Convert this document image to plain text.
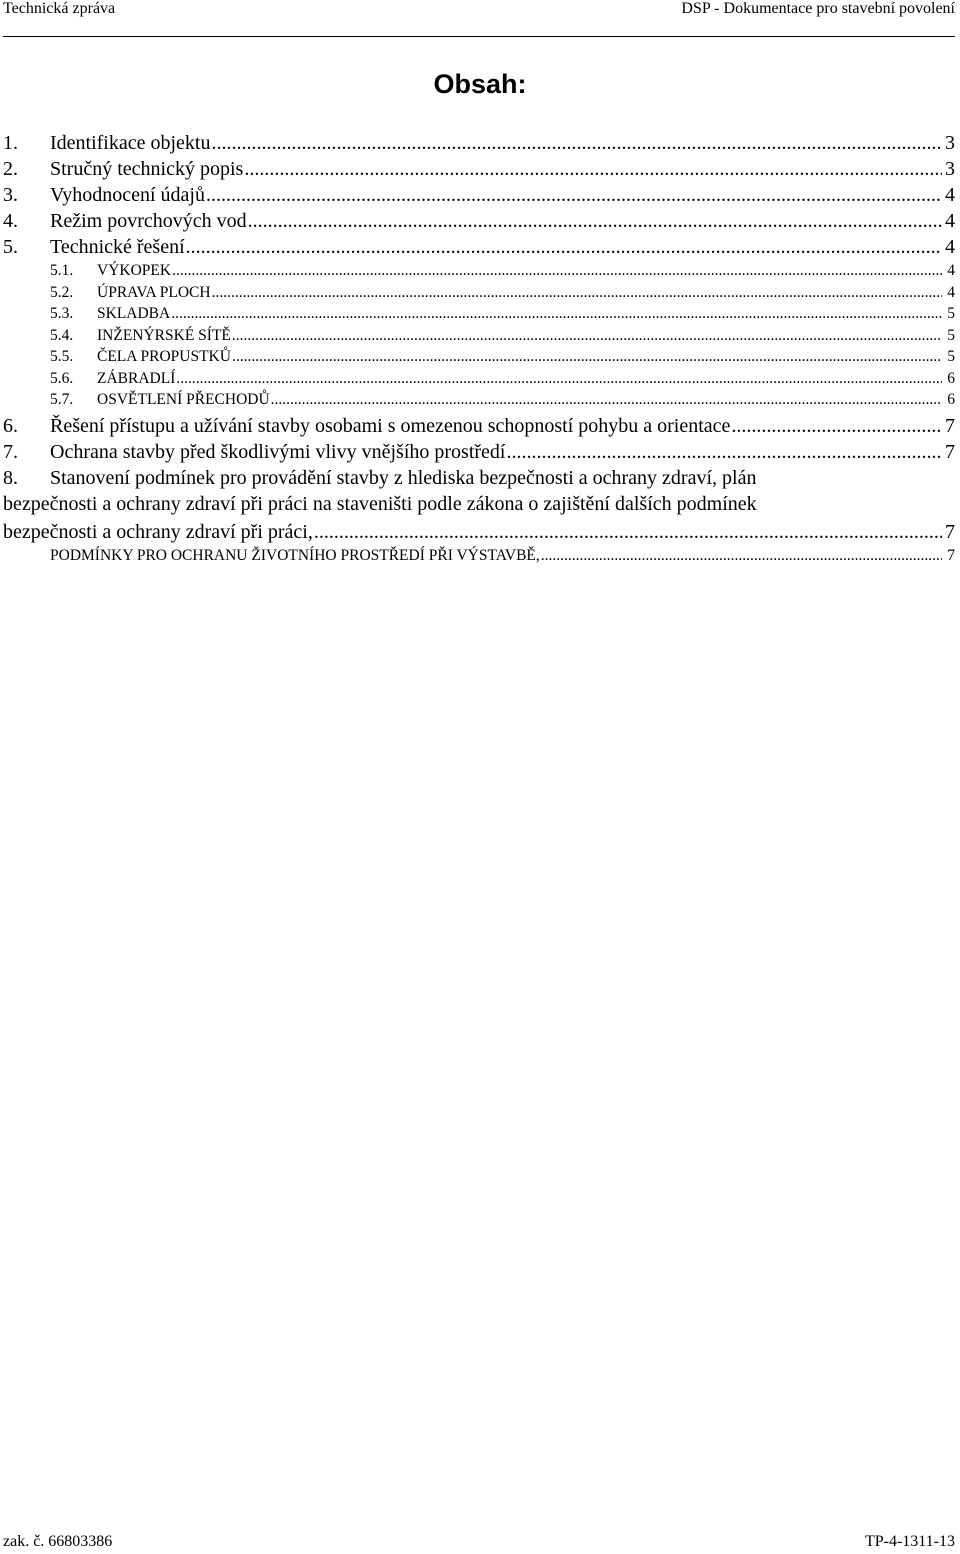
Technická zpráva	DSP - Dokumentace pro stavební povolení
Obsah:
1.	Identifikace objektu .....	3
2.	Stručný technický popis .....	3
3.	Vyhodnocení údajů .....	4
4.	Režim povrchových vod .....	4
5.	Technické řešení .....	4
5.1.	VÝKOPEK .....	4
5.2.	ÚPRAVA PLOCH .....	4
5.3.	SKLADBA .....	5
5.4.	INŽENÝRSKÉ SÍTĚ .....	5
5.5.	ČELA PROPUSTKŮ .....	5
5.6.	ZÁBRADLÍ .....	6
5.7.	OSVĚTLENÍ PŘECHODŮ .....	6
6.	Řešení přístupu a užívání stavby osobami s omezenou schopností pohybu a orientace .....	7
7.	Ochrana stavby před škodlivými vlivy vnějšího prostředí .....	7
8.	Stanovení podmínek pro provádění stavby z hlediska bezpečnosti a ochrany zdraví, plán
bezpečnosti a ochrany zdraví při práci na staveništi podle zákona o zajištění dalších podmínek
bezpečnosti a ochrany zdraví při práci, .....	7
PODMÍNKY PRO OCHRANU ŽIVOTNÍHO PROSTŘEDÍ PŘI VÝSTAVBĚ, .....	7
zak. č. 66803386	TP-4-1311-13
